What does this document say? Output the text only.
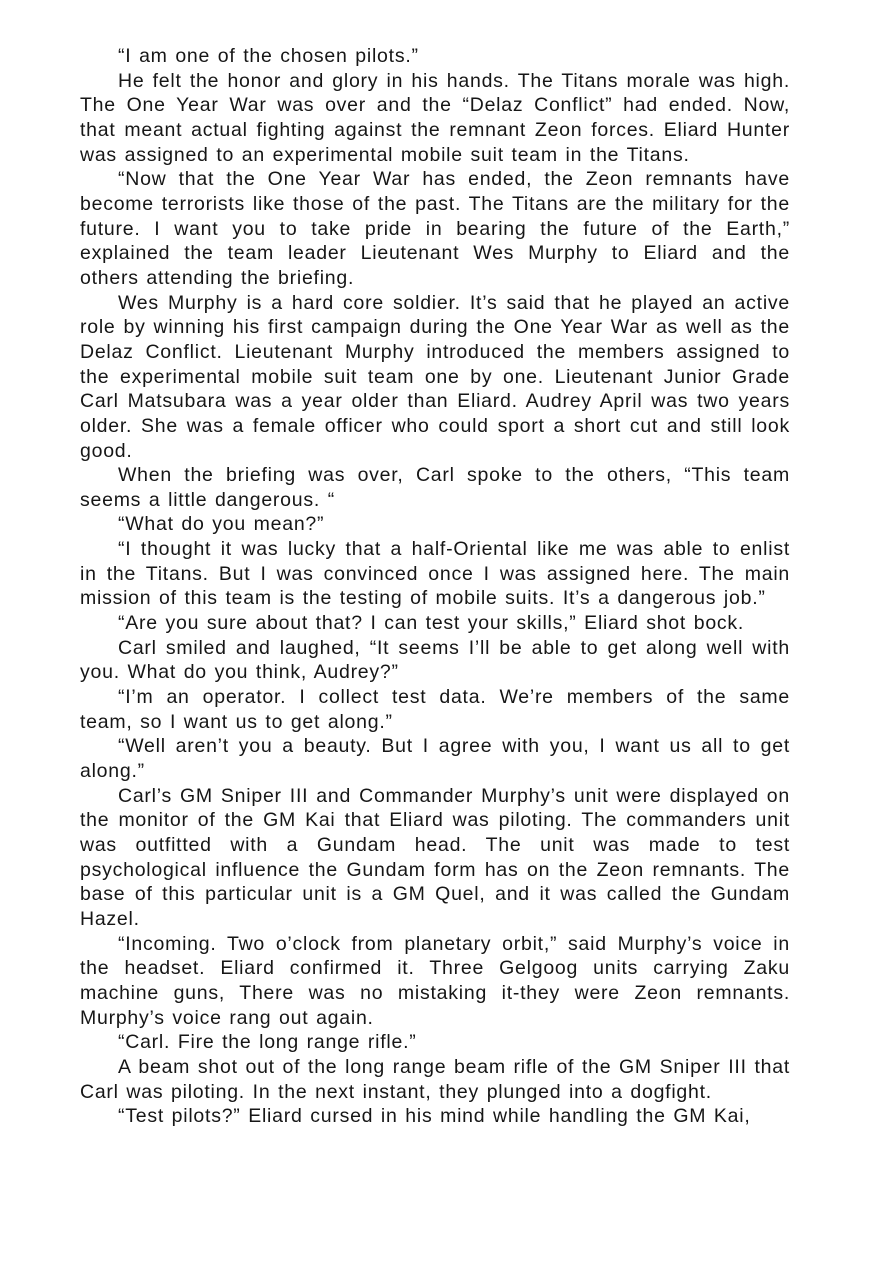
“I am one of the chosen pilots.”

He felt the honor and glory in his hands. The Titans morale was high. The One Year War was over and the “Delaz Conflict” had ended. Now, that meant actual fighting against the remnant Zeon forces. Eliard Hunter was assigned to an experimental mobile suit team in the Titans.

“Now that the One Year War has ended, the Zeon remnants have become terrorists like those of the past. The Titans are the military for the future. I want you to take pride in bearing the future of the Earth,” explained the team leader Lieutenant Wes Murphy to Eliard and the others attending the briefing.

Wes Murphy is a hard core soldier. It’s said that he played an active role by winning his first campaign during the One Year War as well as the Delaz Conflict. Lieutenant Murphy introduced the members assigned to the experimental mobile suit team one by one. Lieutenant Junior Grade Carl Matsubara was a year older than Eliard. Audrey April was two years older. She was a female officer who could sport a short cut and still look good.

When the briefing was over, Carl spoke to the others, “This team seems a little dangerous. “

“What do you mean?”

“I thought it was lucky that a half-Oriental like me was able to enlist in the Titans. But I was convinced once I was assigned here. The main mission of this team is the testing of mobile suits. It’s a dangerous job.”

“Are you sure about that? I can test your skills,” Eliard shot bock.

Carl smiled and laughed, “It seems I’ll be able to get along well with you. What do you think, Audrey?”

“I’m an operator. I collect test data. We’re members of the same team, so I want us to get along.”

“Well aren’t you a beauty. But I agree with you, I want us all to get along.”

Carl’s GM Sniper III and Commander Murphy’s unit were displayed on the monitor of the GM Kai that Eliard was piloting. The commanders unit was outfitted with a Gundam head. The unit was made to test psychological influence the Gundam form has on the Zeon remnants. The base of this particular unit is a GM Quel, and it was called the Gundam Hazel.

“Incoming. Two o’clock from planetary orbit,” said Murphy’s voice in the headset. Eliard confirmed it. Three Gelgoog units carrying Zaku machine guns, There was no mistaking it-they were Zeon remnants. Murphy’s voice rang out again.

“Carl. Fire the long range rifle.”

A beam shot out of the long range beam rifle of the GM Sniper III that Carl was piloting. In the next instant, they plunged into a dogfight.

“Test pilots?” Eliard cursed in his mind while handling the GM Kai,
